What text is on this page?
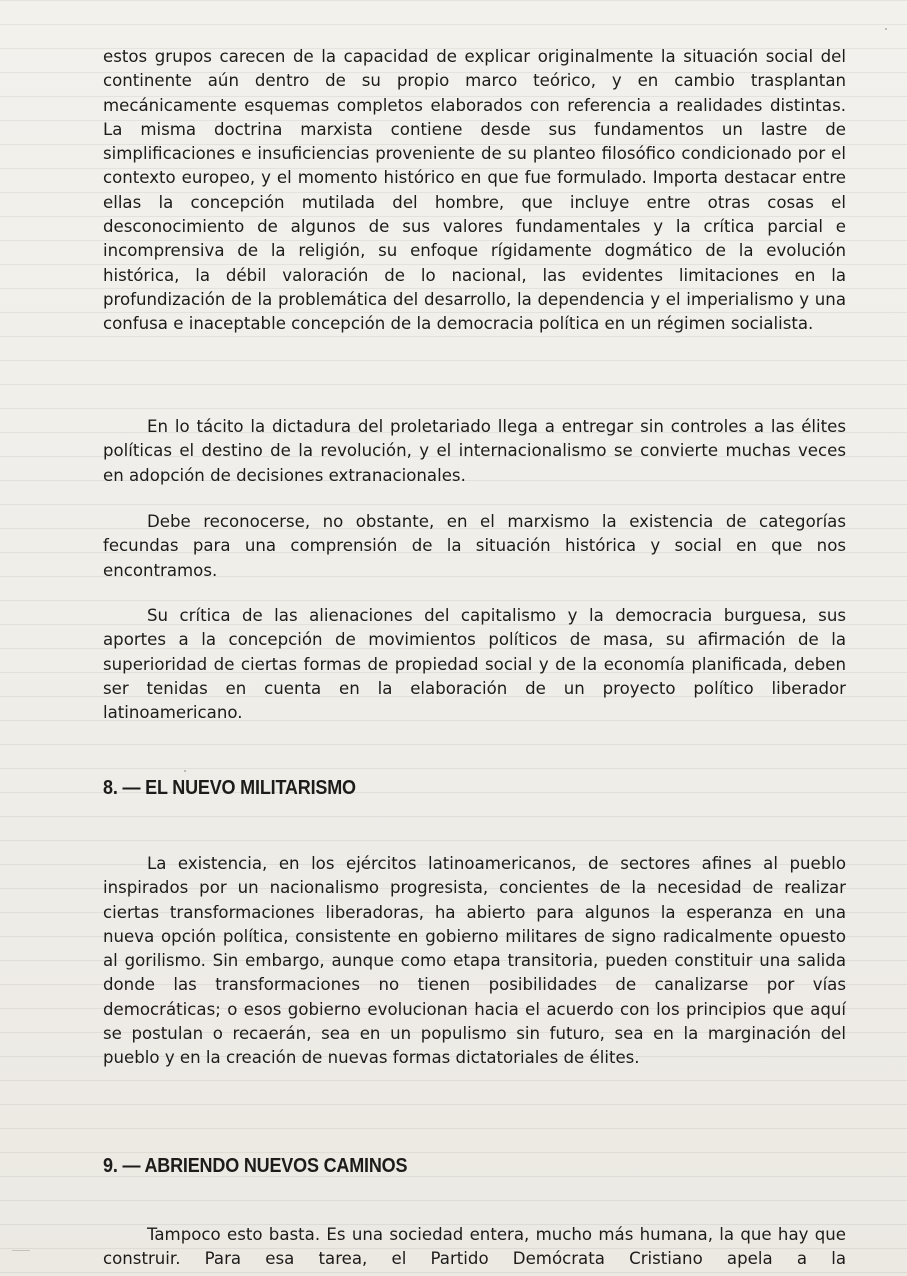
estos grupos carecen de la capacidad de explicar originalmente la situación social del continente aún dentro de su propio marco teórico, y en cambio trasplantan mecánicamente esquemas completos elaborados con referencia a realidades distintas. La misma doctrina marxista contiene desde sus fundamentos un lastre de simplificaciones e insuficiencias proveniente de su planteo filosófico condicionado por el contexto europeo, y el momento histórico en que fue formulado. Importa destacar entre ellas la concepción mutilada del hombre, que incluye entre otras cosas el desconocimiento de algunos de sus valores fundamentales y la crítica parcial e incomprensiva de la religión, su enfoque rígidamente dogmático de la evolución histórica, la débil valoración de lo nacional, las evidentes limitaciones en la profundización de la problemática del desarrollo, la dependencia y el imperialismo y una confusa e inaceptable concepción de la democracia política en un régimen socialista.

En lo tácito la dictadura del proletariado llega a entregar sin controles a las élites políticas el destino de la revolución, y el internacionalismo se convierte muchas veces en adopción de decisiones extranacionales.

Debe reconocerse, no obstante, en el marxismo la existencia de categorías fecundas para una comprensión de la situación histórica y social en que nos encontramos.

Su crítica de las alienaciones del capitalismo y la democracia burguesa, sus aportes a la concepción de movimientos políticos de masa, su afirmación de la superioridad de ciertas formas de propiedad social y de la economía planificada, deben ser tenidas en cuenta en la elaboración de un proyecto político liberador latinoamericano.

8. — EL NUEVO MILITARISMO

La existencia, en los ejércitos latinoamericanos, de sectores afines al pueblo inspirados por un nacionalismo progresista, concientes de la necesidad de realizar ciertas transformaciones liberadoras, ha abierto para algunos la esperanza en una nueva opción política, consistente en gobierno militares de signo radicalmente opuesto al gorilismo. Sin embargo, aunque como etapa transitoria, pueden constituir una salida donde las transformaciones no tienen posibilidades de canalizarse por vías democráticas; o esos gobierno evolucionan hacia el acuerdo con los principios que aquí se postulan o recaerán, sea en un populismo sin futuro, sea en la marginación del pueblo y en la creación de nuevas formas dictatoriales de élites.

9. — ABRIENDO NUEVOS CAMINOS

Tampoco esto basta. Es una sociedad entera, mucho más humana, la que hay que construir. Para esa tarea, el Partido Demócrata Cristiano apela a la
